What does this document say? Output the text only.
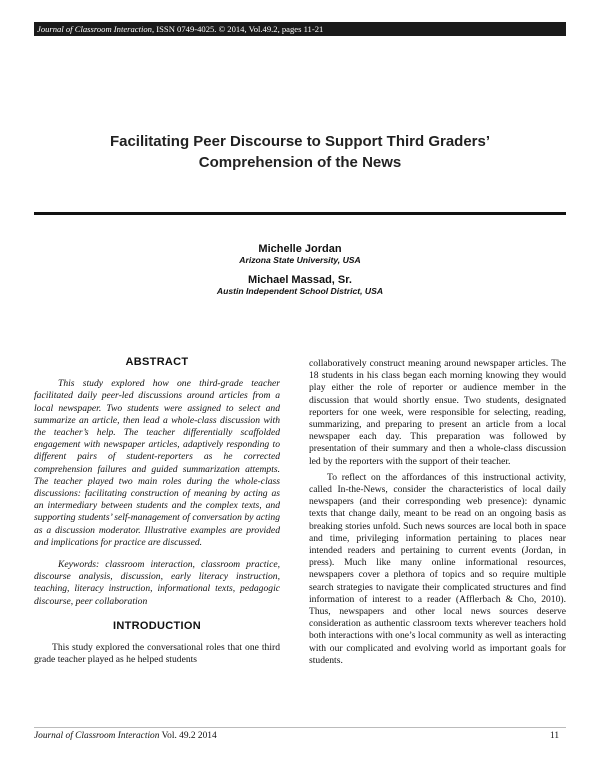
Journal of Classroom Interaction, ISSN 0749-4025. © 2014, Vol.49.2, pages 11-21
Facilitating Peer Discourse to Support Third Graders’
Comprehension of the News
Michelle Jordan
Arizona State University, USA
Michael Massad, Sr.
Austin Independent School District, USA
ABSTRACT

This study explored how one third-grade teacher facilitated daily peer-led discussions around articles from a local newspaper. Two students were assigned to select and summarize an article, then lead a whole-class discussion with the teacher’s help. The teacher differentially scaffolded engagement with newspaper articles, adaptively responding to different pairs of student-reporters as he corrected comprehension failures and guided summarization attempts. The teacher played two main roles during the whole-class discussions: facilitating construction of meaning by acting as an intermediary between students and the complex texts, and supporting students’ self-management of conversation by acting as a discussion moderator. Illustrative examples are provided and implications for practice are discussed.

Keywords: classroom interaction, classroom practice, discourse analysis, discussion, early literacy instruction, teaching, literacy instruction, informational texts, pedagogic discourse, peer collaboration

INTRODUCTION

This study explored the conversational roles that one third grade teacher played as he helped students

collaboratively construct meaning around newspaper articles. The 18 students in his class began each morning knowing they would play either the role of reporter or audience member in the discussion that would shortly ensue. Two students, designated reporters for one week, were responsible for selecting, reading, summarizing, and preparing to present an article from a local newspaper each day. This preparation was followed by presentation of their summary and then a whole-class discussion led by the reporters with the support of their teacher.

To reflect on the affordances of this instructional activity, called In-the-News, consider the characteristics of local daily newspapers (and their corresponding web presence): dynamic texts that change daily, meant to be read on an ongoing basis as breaking stories unfold. Such news sources are local both in space and time, privileging information pertaining to places near intended readers and pertaining to current events (Jordan, in press). Much like many online informational resources, newspapers cover a plethora of topics and so require multiple search strategies to navigate their complicated structures and find information of interest to a reader (Afflerbach & Cho, 2010). Thus, newspapers and other local news sources deserve consideration as authentic classroom texts wherever teachers hold both interactions with one’s local community as well as interacting with our complicated and evolving world as important goals for students.

Journal of Classroom Interaction Vol. 49.2 2014	11
